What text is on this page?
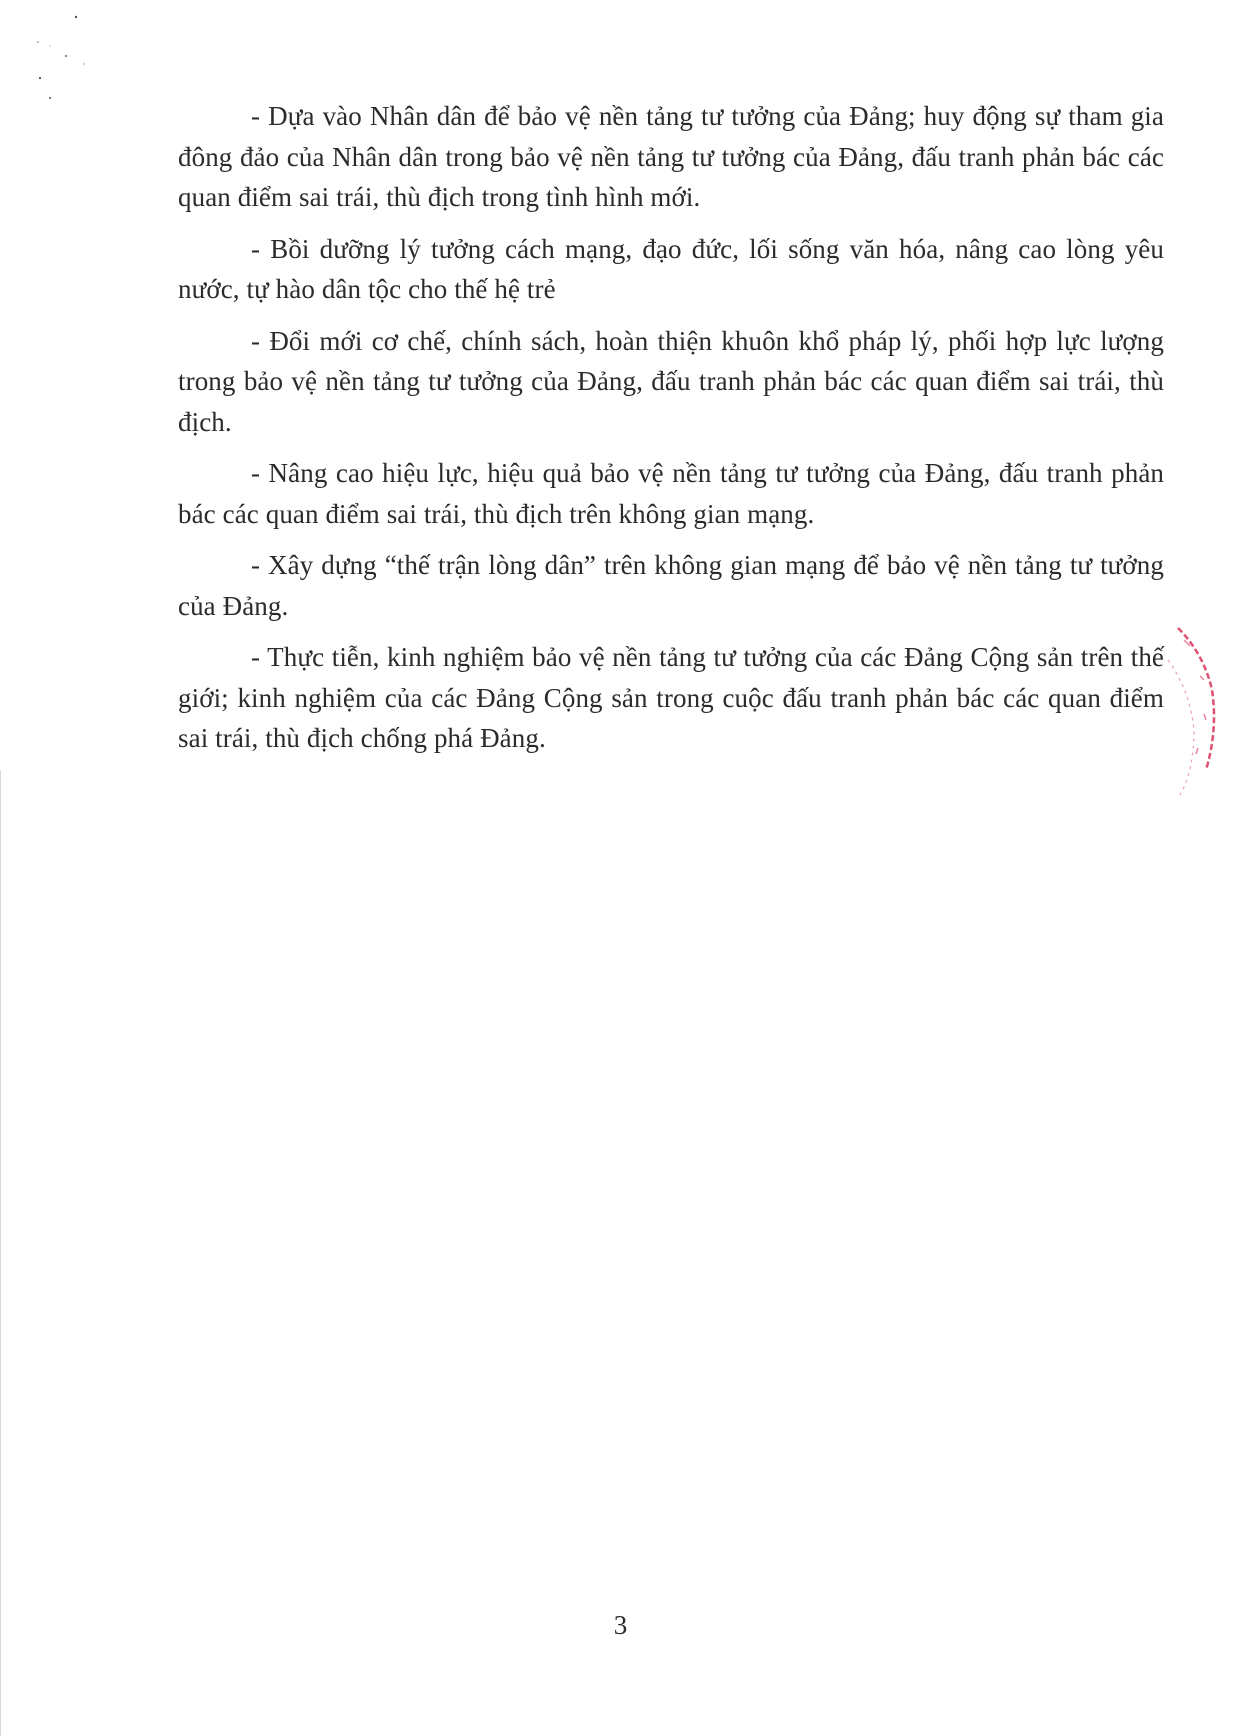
- Dựa vào Nhân dân để bảo vệ nền tảng tư tưởng của Đảng; huy động sự tham gia đông đảo của Nhân dân trong bảo vệ nền tảng tư tưởng của Đảng, đấu tranh phản bác các quan điểm sai trái, thù địch trong tình hình mới.

- Bồi dưỡng lý tưởng cách mạng, đạo đức, lối sống văn hóa, nâng cao lòng yêu nước, tự hào dân tộc cho thế hệ trẻ

- Đổi mới cơ chế, chính sách, hoàn thiện khuôn khổ pháp lý, phối hợp lực lượng trong bảo vệ nền tảng tư tưởng của Đảng, đấu tranh phản bác các quan điểm sai trái, thù địch.

- Nâng cao hiệu lực, hiệu quả bảo vệ nền tảng tư tưởng của Đảng, đấu tranh phản bác các quan điểm sai trái, thù địch trên không gian mạng.

- Xây dựng “thế trận lòng dân” trên không gian mạng để bảo vệ nền tảng tư tưởng của Đảng.

- Thực tiễn, kinh nghiệm bảo vệ nền tảng tư tưởng của các Đảng Cộng sản trên thế giới; kinh nghiệm của các Đảng Cộng sản trong cuộc đấu tranh phản bác các quan điểm sai trái, thù địch chống phá Đảng.

3
